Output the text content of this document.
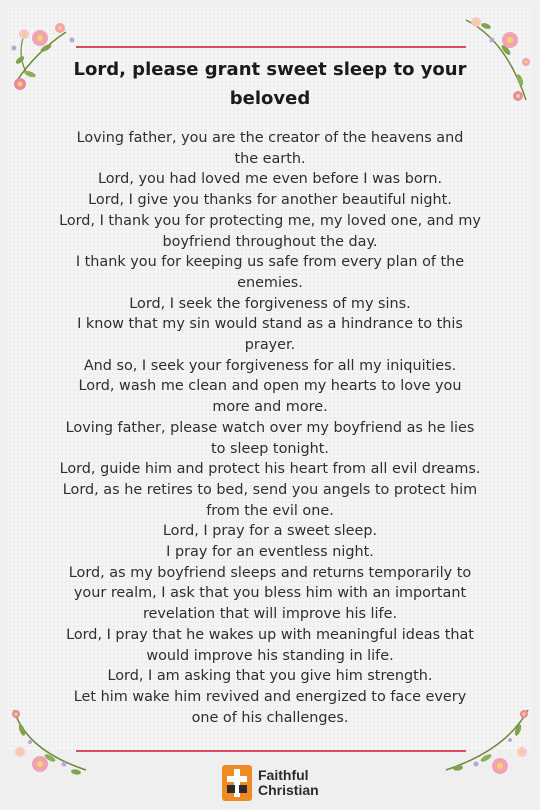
Lord, please grant sweet sleep to your
beloved
Loving father, you are the creator of the heavens and
the earth.
Lord, you had loved me even before I was born.
Lord, I give you thanks for another beautiful night.
Lord, I thank you for protecting me, my loved one, and my
boyfriend throughout the day.
I thank you for keeping us safe from every plan of the
enemies.
Lord, I seek the forgiveness of my sins.
I know that my sin would stand as a hindrance to this
prayer.
And so, I seek your forgiveness for all my iniquities.
Lord, wash me clean and open my hearts to love you
more and more.
Loving father, please watch over my boyfriend as he lies
to sleep tonight.
Lord, guide him and protect his heart from all evil dreams.
Lord, as he retires to bed, send you angels to protect him
from the evil one.
Lord, I pray for a sweet sleep.
I pray for an eventless night.
Lord, as my boyfriend sleeps and returns temporarily to
your realm, I ask that you bless him with an important
revelation that will improve his life.
Lord, I pray that he wakes up with meaningful ideas that
would improve his standing in life.
Lord, I am asking that you give him strength.
Let him wake him revived and energized to face every
one of his challenges.
Faithful
Christian
